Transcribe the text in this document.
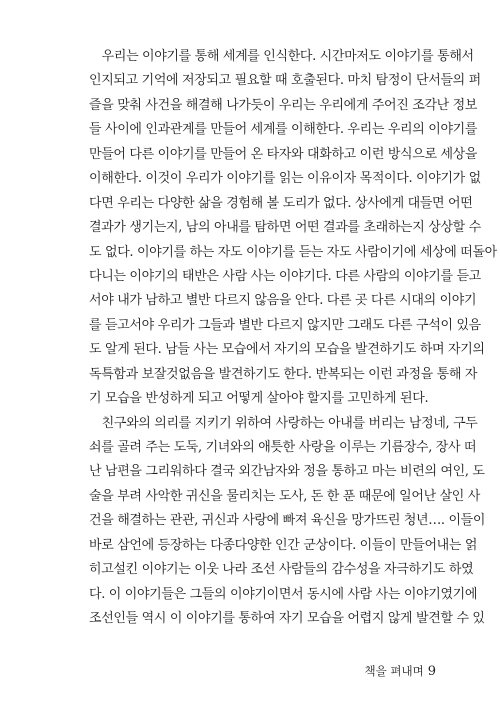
　우리는 이야기를 통해 세계를 인식한다. 시간마저도 이야기를 통해서
인지되고 기억에 저장되고 필요할 때 호출된다. 마치 탐정이 단서들의 퍼
즐을 맞춰 사건을 해결해 나가듯이 우리는 우리에게 주어진 조각난 정보
들 사이에 인과관계를 만들어 세계를 이해한다. 우리는 우리의 이야기를
만들어 다른 이야기를 만들어 온 타자와 대화하고 이런 방식으로 세상을
이해한다. 이것이 우리가 이야기를 읽는 이유이자 목적이다. 이야기가 없
다면 우리는 다양한 삶을 경험해 볼 도리가 없다. 상사에게 대들면 어떤
결과가 생기는지, 남의 아내를 탐하면 어떤 결과를 초래하는지 상상할 수
도 없다. 이야기를 하는 자도 이야기를 듣는 자도 사람이기에 세상에 떠돌아
다니는 이야기의 태반은 사람 사는 이야기다. 다른 사람의 이야기를 듣고
서야 내가 남하고 별반 다르지 않음을 안다. 다른 곳 다른 시대의 이야기
를 듣고서야 우리가 그들과 별반 다르지 않지만 그래도 다른 구석이 있음
도 알게 된다. 남들 사는 모습에서 자기의 모습을 발견하기도 하며 자기의
독특함과 보잘것없음을 발견하기도 한다. 반복되는 이런 과정을 통해 자
기 모습을 반성하게 되고 어떻게 살아야 할지를 고민하게 된다.

　친구와의 의리를 지키기 위하여 사랑하는 아내를 버리는 남정네, 구두
쇠를 골려 주는 도둑, 기녀와의 애틋한 사랑을 이루는 기름장수, 장사 떠
난 남편을 그리워하다 결국 외간남자와 정을 통하고 마는 비련의 여인, 도
술을 부려 사악한 귀신을 물리치는 도사, 돈 한 푼 때문에 일어난 살인 사
건을 해결하는 관관, 귀신과 사랑에 빠져 육신을 망가뜨린 청년…. 이들이
바로 삼언에 등장하는 다종다양한 인간 군상이다. 이들이 만들어내는 얽
히고설킨 이야기는 이웃 나라 조선 사람들의 감수성을 자극하기도 하였
다. 이 이야기들은 그들의 이야기이면서 동시에 사람 사는 이야기였기에
조선인들 역시 이 이야기를 통하여 자기 모습을 어렵지 않게 발견할 수 있

책을 펴내며 9
